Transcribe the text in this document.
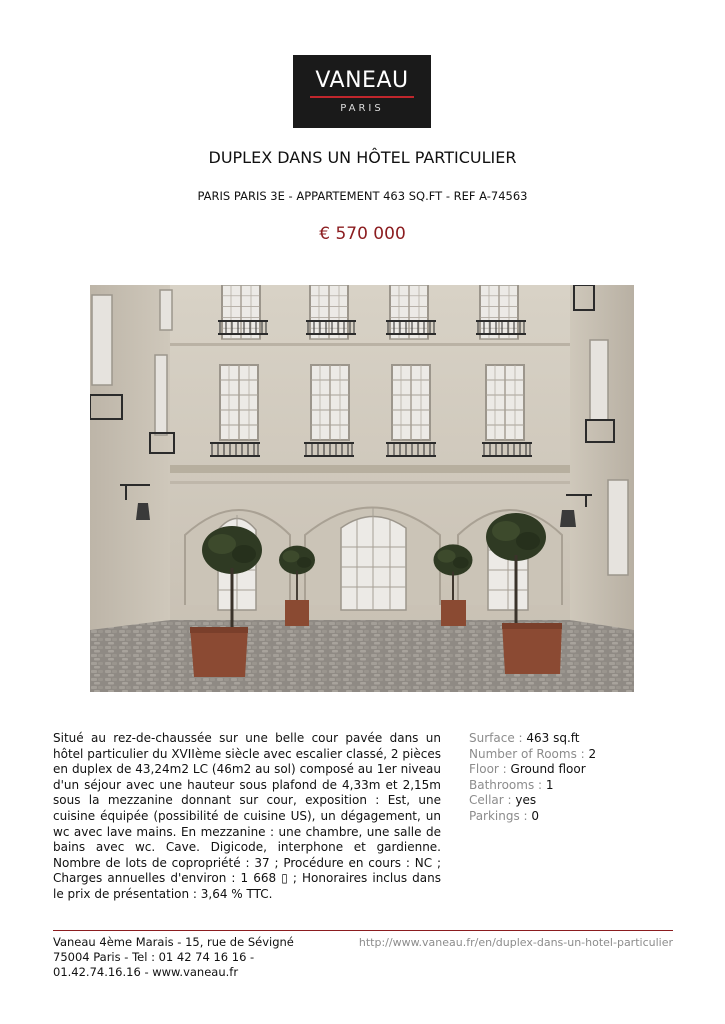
VANEAU
PARIS
DUPLEX DANS UN HÔTEL PARTICULIER
PARIS PARIS 3E - APPARTEMENT 463 SQ.FT - REF A-74563
€ 570 000
Situé au rez-de-chaussée sur une belle cour pavée dans un hôtel particulier du XVIIème siècle avec escalier classé, 2 pièces en duplex de 43,24m2 LC (46m2 au sol) composé au 1er niveau d'un séjour avec une hauteur sous plafond de 4,33m et 2,15m sous la mezzanine donnant sur cour, exposition : Est, une cuisine équipée (possibilité de cuisine US), un dégagement, un wc avec lave mains. En mezzanine : une chambre, une salle de bains avec wc. Cave. Digicode, interphone et gardienne. Nombre de lots de copropriété : 37 ; Procédure en cours : NC ; Charges annuelles d'environ : 1 668 ▯ ; Honoraires inclus dans le prix de présentation : 3,64 % TTC.
Surface : 463 sq.ft
Number of Rooms : 2
Floor : Ground floor
Bathrooms : 1
Cellar : yes
Parkings : 0
Vaneau 4ème Marais - 15, rue de Sévigné 75004 Paris - Tel : 01 42 74 16 16 - 01.42.74.16.16 - www.vaneau.fr
http://www.vaneau.fr/en/duplex-dans-un-hotel-particulier
